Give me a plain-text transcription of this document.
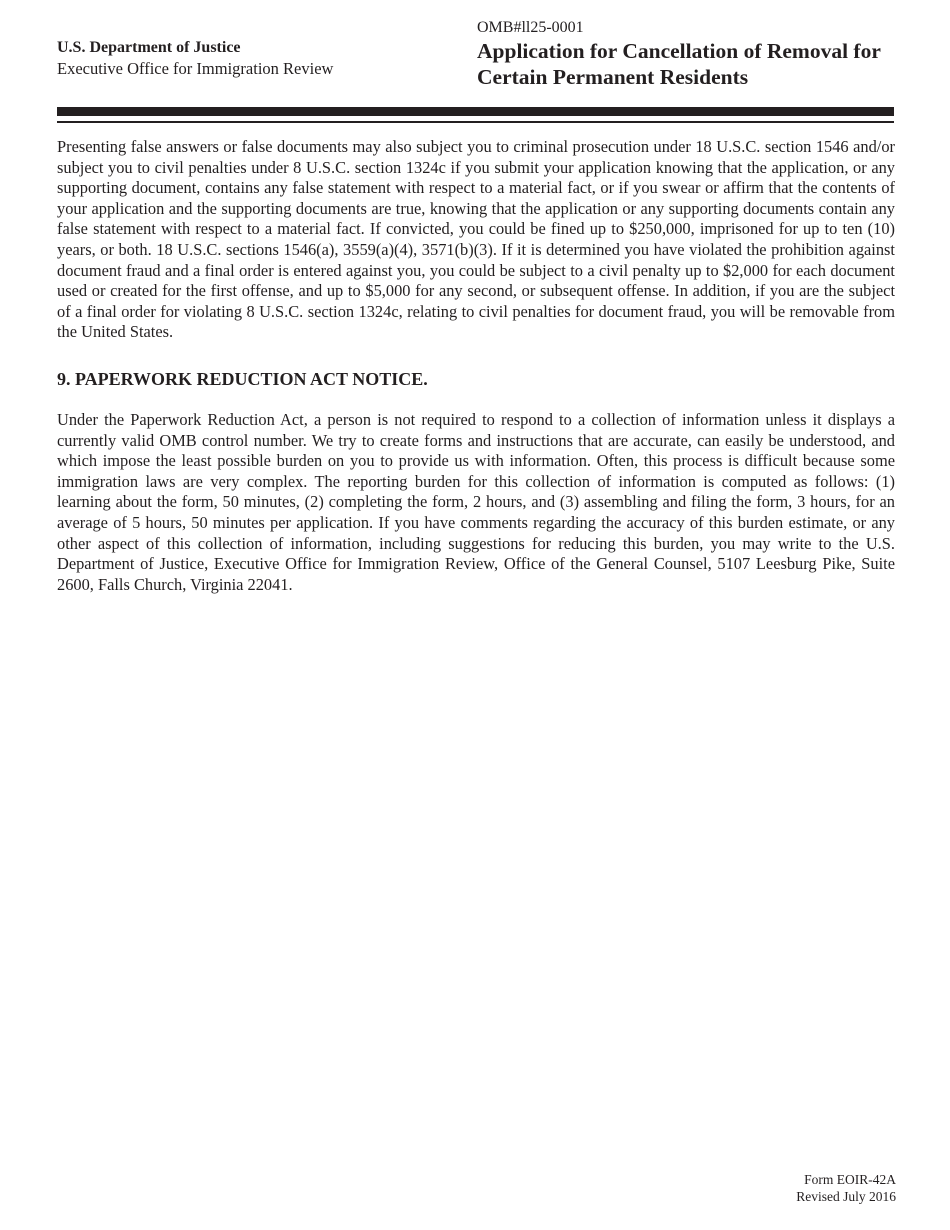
U.S. Department of Justice
Executive Office for Immigration Review
OMB#ll25-0001
Application for Cancellation of Removal for
Certain Permanent Residents

Presenting false answers or false documents may also subject you to criminal prosecution under 18 U.S.C. section 1546 and/or subject you to civil penalties under 8 U.S.C. section 1324c if you submit your application knowing that the application, or any supporting document, contains any false statement with respect to a material fact, or if you swear or affirm that the contents of your application and the supporting documents are true, knowing that the application or any supporting documents contain any false statement with respect to a material fact. If convicted, you could be fined up to $250,000, imprisoned for up to ten (10) years, or both. 18 U.S.C. sections 1546(a), 3559(a)(4), 3571(b)(3). If it is determined you have violated the prohibition against document fraud and a final order is entered against you, you could be subject to a civil penalty up to $2,000 for each document used or created for the first offense, and up to $5,000 for any second, or subsequent offense. In addition, if you are the subject of a final order for violating 8 U.S.C. section 1324c, relating to civil penalties for document fraud, you will be removable from the United States.

9. PAPERWORK REDUCTION ACT NOTICE.

Under the Paperwork Reduction Act, a person is not required to respond to a collection of information unless it displays a currently valid OMB control number. We try to create forms and instructions that are accurate, can easily be understood, and which impose the least possible burden on you to provide us with information. Often, this process is difficult because some immigration laws are very complex. The reporting burden for this collection of information is computed as follows: (1) learning about the form, 50 minutes, (2) completing the form, 2 hours, and (3) assembling and filing the form, 3 hours, for an average of 5 hours, 50 minutes per application. If you have comments regarding the accuracy of this burden estimate, or any other aspect of this collection of information, including suggestions for reducing this burden, you may write to the U.S. Department of Justice, Executive Office for Immigration Review, Office of the General Counsel, 5107 Leesburg Pike, Suite 2600, Falls Church, Virginia 22041.

Form EOIR-42A
Revised July 2016
